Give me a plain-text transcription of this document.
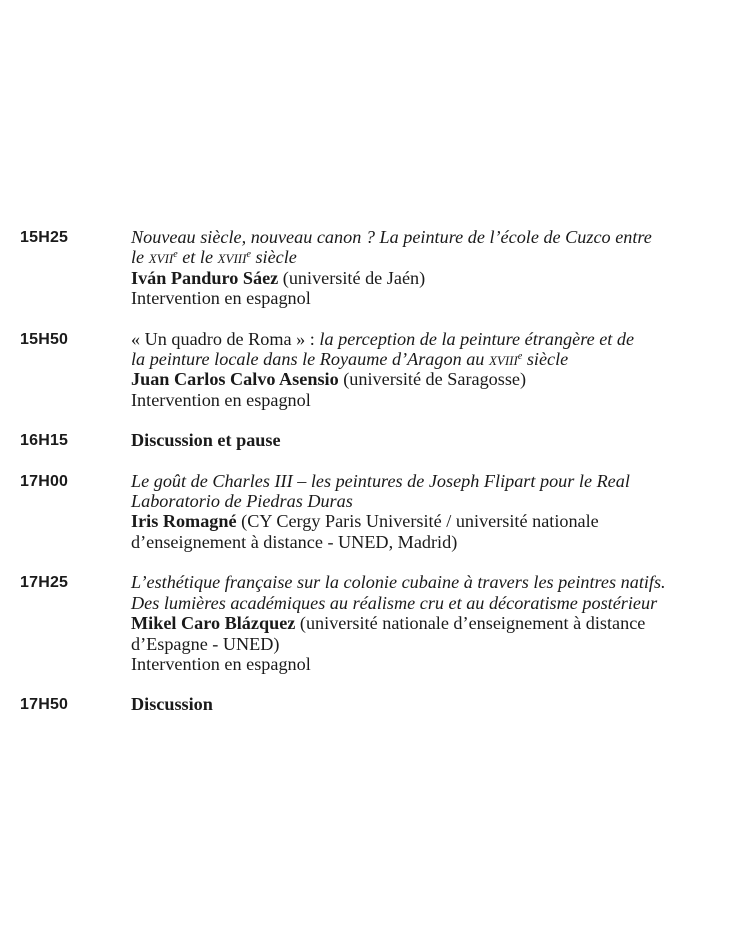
15H25	Nouveau siècle, nouveau canon ? La peinture de l’école de Cuzco entre
le xvii$^e$ et le xviii$^e$ siècle
Iván Panduro Sáez (université de Jaén)
Intervention en espagnol
15H50	« Un quadro de Roma » : la perception de la peinture étrangère et de
la peinture locale dans le Royaume d’Aragon au xviii$^e$ siècle
Juan Carlos Calvo Asensio (université de Saragosse)
Intervention en espagnol
16H15	Discussion et pause
17H00	Le goût de Charles III – les peintures de Joseph Flipart pour le Real
Laboratorio de Piedras Duras
Iris Romagné (CY Cergy Paris Université / université nationale
d’enseignement à distance - UNED, Madrid)
17H25	L’esthétique française sur la colonie cubaine à travers les peintres natifs.
Des lumières académiques au réalisme cru et au décoratisme postérieur
Mikel Caro Blázquez (université nationale d’enseignement à distance
d’Espagne - UNED)
Intervention en espagnol
17H50	Discussion
